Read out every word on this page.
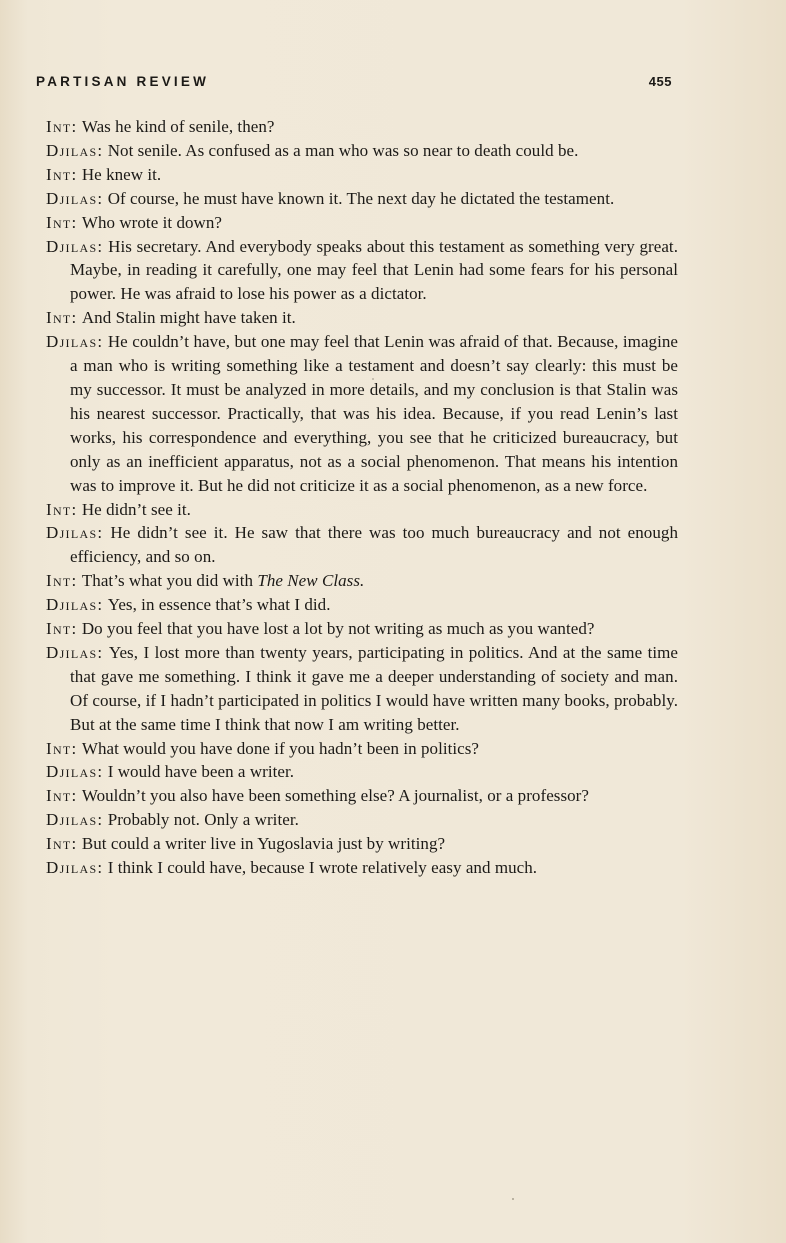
PARTISAN REVIEW	455

Int: Was he kind of senile, then?

Djilas: Not senile. As confused as a man who was so near to death could be.

Int: He knew it.

Djilas: Of course, he must have known it. The next day he dictated the testament.

Int: Who wrote it down?

Djilas: His secretary. And everybody speaks about this testament as something very great. Maybe, in reading it carefully, one may feel that Lenin had some fears for his personal power. He was afraid to lose his power as a dictator.

Int: And Stalin might have taken it.

Djilas: He couldn’t have, but one may feel that Lenin was afraid of that. Because, imagine a man who is writing something like a testament and doesn’t say clearly: this must be my successor. It must be analyzed in more details, and my conclusion is that Stalin was his nearest successor. Practically, that was his idea. Because, if you read Lenin’s last works, his correspondence and everything, you see that he criticized bureaucracy, but only as an inefficient apparatus, not as a social phenomenon. That means his intention was to improve it. But he did not criticize it as a social phenomenon, as a new force.

Int: He didn’t see it.

Djilas: He didn’t see it. He saw that there was too much bureaucracy and not enough efficiency, and so on.

Int: That’s what you did with The New Class.

Djilas: Yes, in essence that’s what I did.

Int: Do you feel that you have lost a lot by not writing as much as you wanted?

Djilas: Yes, I lost more than twenty years, participating in politics. And at the same time that gave me something. I think it gave me a deeper understanding of society and man. Of course, if I hadn’t participated in politics I would have written many books, probably. But at the same time I think that now I am writing better.

Int: What would you have done if you hadn’t been in politics?

Djilas: I would have been a writer.

Int: Wouldn’t you also have been something else? A journalist, or a professor?

Djilas: Probably not. Only a writer.

Int: But could a writer live in Yugoslavia just by writing?

Djilas: I think I could have, because I wrote relatively easy and much.
